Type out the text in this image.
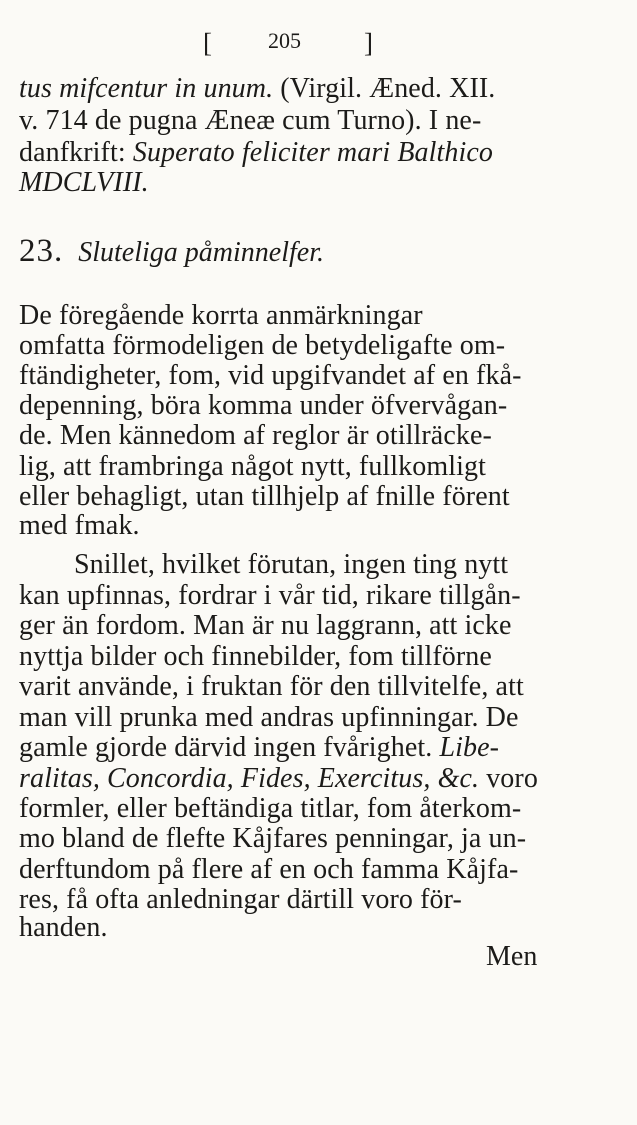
[	205 ]
tus mifcentur in unum. (Virgil. Æned. XII.
v. 714 de pugna Æneæ cum Turno). I ne-
danfkrift: Superato feliciter mari Balthico
MDCLVIII.
23. Sluteliga påminnelfer.
De föregående korrta anmärkningar
omfatta förmodeligen de betydeligafte om-
ftändigheter, fom, vid upgifvandet af en fkå-
depenning, böra komma under öfvervågan-
de. Men kännedom af reglor är otillräcke-
lig, att frambringa något nytt, fullkomligt
eller behagligt, utan tillhjelp af fnille förent
med fmak.
Snillet, hvilket förutan, ingen ting nytt
kan upfinnas, fordrar i vår tid, rikare tillgån-
ger än fordom. Man är nu laggrann, att icke
nyttja bilder och finnebilder, fom tillförne
varit använde, i fruktan för den tillvitelfe, att
man vill prunka med andras upfinningar. De
gamle gjorde därvid ingen fvårighet. Libe-
ralitas, Concordia, Fides, Exercitus, &c. voro
formler, eller beftändiga titlar, fom återkom-
mo bland de flefte Kåjfares penningar, ja un-
derftundom på flere af en och famma Kåjfa-
res, få ofta anledningar därtill voro för-
handen.
Men
